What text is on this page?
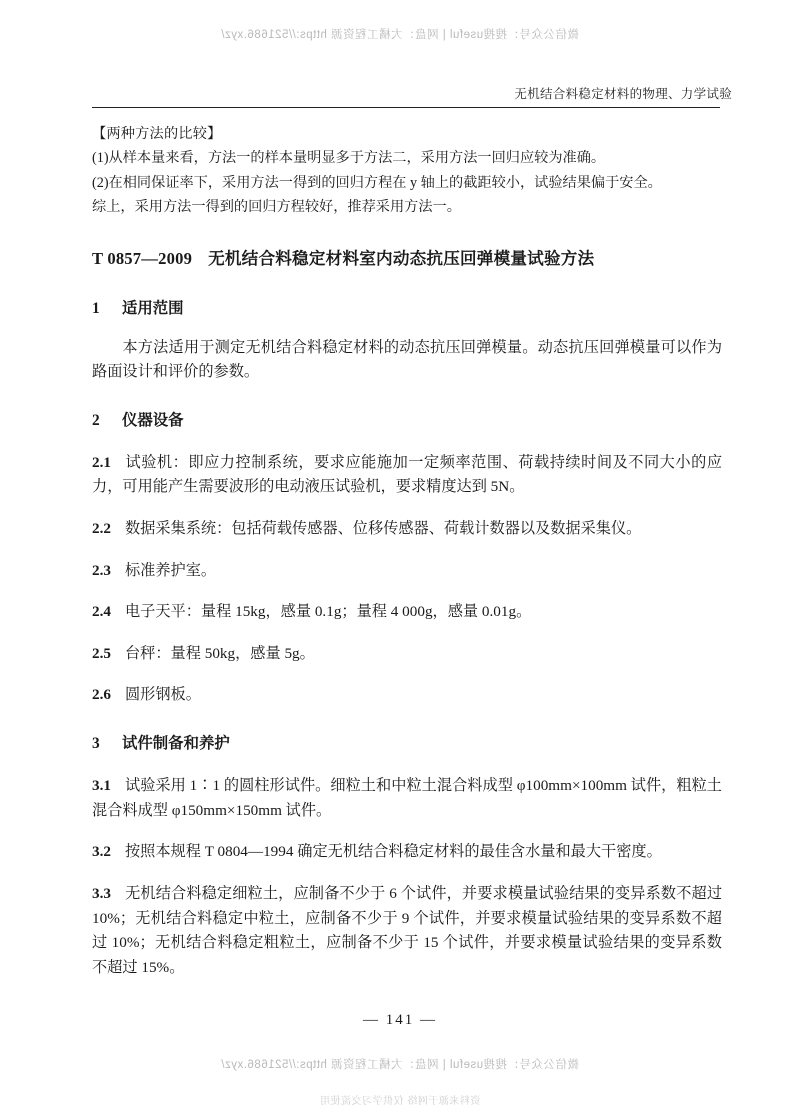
微信公众号：搜搜useful | 网盘：大橘工程资源 https://521686.xyz/
无机结合料稳定材料的物理、力学试验
【两种方法的比较】
(1)从样本量来看，方法一的样本量明显多于方法二，采用方法一回归应较为准确。
(2)在相同保证率下，采用方法一得到的回归方程在 y 轴上的截距较小，试验结果偏于安全。
综上，采用方法一得到的回归方程较好，推荐采用方法一。
T 0857—2009 无机结合料稳定材料室内动态抗压回弹模量试验方法
1 适用范围
本方法适用于测定无机结合料稳定材料的动态抗压回弹模量。动态抗压回弹模量可以作为路面设计和评价的参数。
2 仪器设备
2.1 试验机：即应力控制系统，要求应能施加一定频率范围、荷载持续时间及不同大小的应力，可用能产生需要波形的电动液压试验机，要求精度达到 5N。
2.2 数据采集系统：包括荷载传感器、位移传感器、荷载计数器以及数据采集仪。
2.3 标准养护室。
2.4 电子天平：量程 15kg，感量 0.1g；量程 4 000g，感量 0.01g。
2.5 台秤：量程 50kg，感量 5g。
2.6 圆形钢板。
3 试件制备和养护
3.1 试验采用 1∶1 的圆柱形试件。细粒土和中粒土混合料成型 φ100mm×100mm 试件，粗粒土混合料成型 φ150mm×150mm 试件。
3.2 按照本规程 T 0804—1994 确定无机结合料稳定材料的最佳含水量和最大干密度。
3.3 无机结合料稳定细粒土，应制备不少于 6 个试件，并要求模量试验结果的变异系数不超过 10%；无机结合料稳定中粒土，应制备不少于 9 个试件，并要求模量试验结果的变异系数不超过 10%；无机结合料稳定粗粒土，应制备不少于 15 个试件，并要求模量试验结果的变异系数不超过 15%。
— 141 —
微信公众号：搜搜useful | 网盘：大橘工程资源 https://521686.xyz/
资料来源于网络 仅供学习交流使用
